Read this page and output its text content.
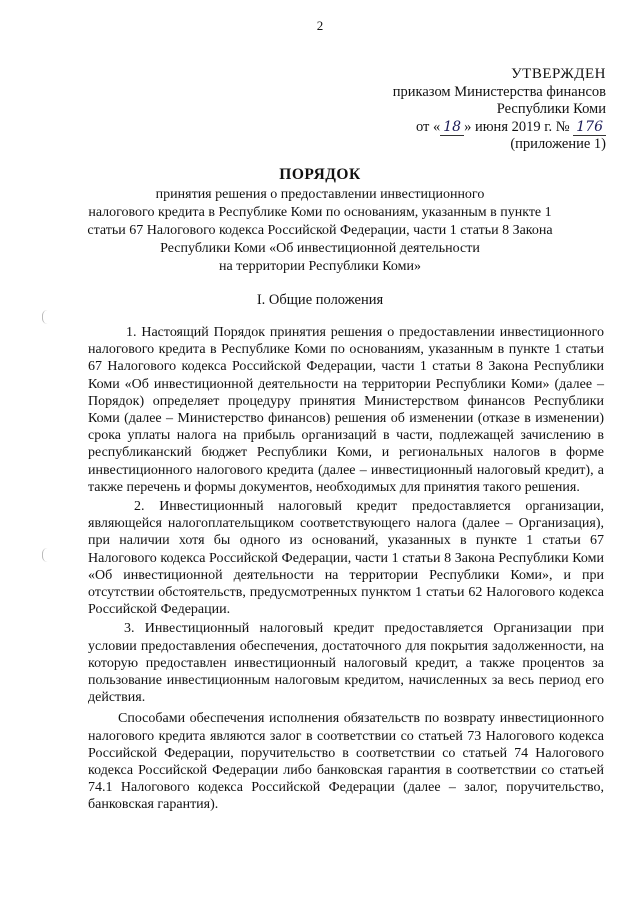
2
УТВЕРЖДЕН
приказом Министерства финансов
Республики Коми
от « 18 » июня 2019 г. № 176
(приложение 1)
ПОРЯДОК
принятия решения о предоставлении инвестиционного
налогового кредита в Республике Коми по основаниям, указанным в пункте 1
статьи 67 Налогового кодекса Российской Федерации, части 1 статьи 8 Закона
Республики Коми «Об инвестиционной деятельности
на территории Республики Коми»
I. Общие положения

1. Настоящий Порядок принятия решения о предоставлении инвестиционного налогового кредита в Республике Коми по основаниям, указанным в пункте 1 статьи 67 Налогового кодекса Российской Федерации, части 1 статьи 8 Закона Республики Коми «Об инвестиционной деятельности на территории Республики Коми» (далее – Порядок) определяет процедуру принятия Министерством финансов Республики Коми (далее – Министерство финансов) решения об изменении (отказе в изменении) срока уплаты налога на прибыль организаций в части, подлежащей зачислению в республиканский бюджет Республики Коми, и региональных налогов в форме инвестиционного налогового кредита (далее – инвестиционный налоговый кредит), а также перечень и формы документов, необходимых для принятия такого решения.

2. Инвестиционный налоговый кредит предоставляется организации, являющейся налогоплательщиком соответствующего налога (далее – Организация), при наличии хотя бы одного из оснований, указанных в пункте 1 статьи 67 Налогового кодекса Российской Федерации, части 1 статьи 8 Закона Республики Коми «Об инвестиционной деятельности на территории Республики Коми», и при отсутствии обстоятельств, предусмотренных пунктом 1 статьи 62 Налогового кодекса Российской Федерации.

3. Инвестиционный налоговый кредит предоставляется Организации при условии предоставления обеспечения, достаточного для покрытия задолженности, на которую предоставлен инвестиционный налоговый кредит, а также процентов за пользование инвестиционным налоговым кредитом, начисленных за весь период его действия.

Способами обеспечения исполнения обязательств по возврату инвестиционного налогового кредита являются залог в соответствии со статьей 73 Налогового кодекса Российской Федерации, поручительство в соответствии со статьей 74 Налогового кодекса Российской Федерации либо банковская гарантия в соответствии со статьей 74.1 Налогового кодекса Российской Федерации (далее – залог, поручительство, банковская гарантия).
